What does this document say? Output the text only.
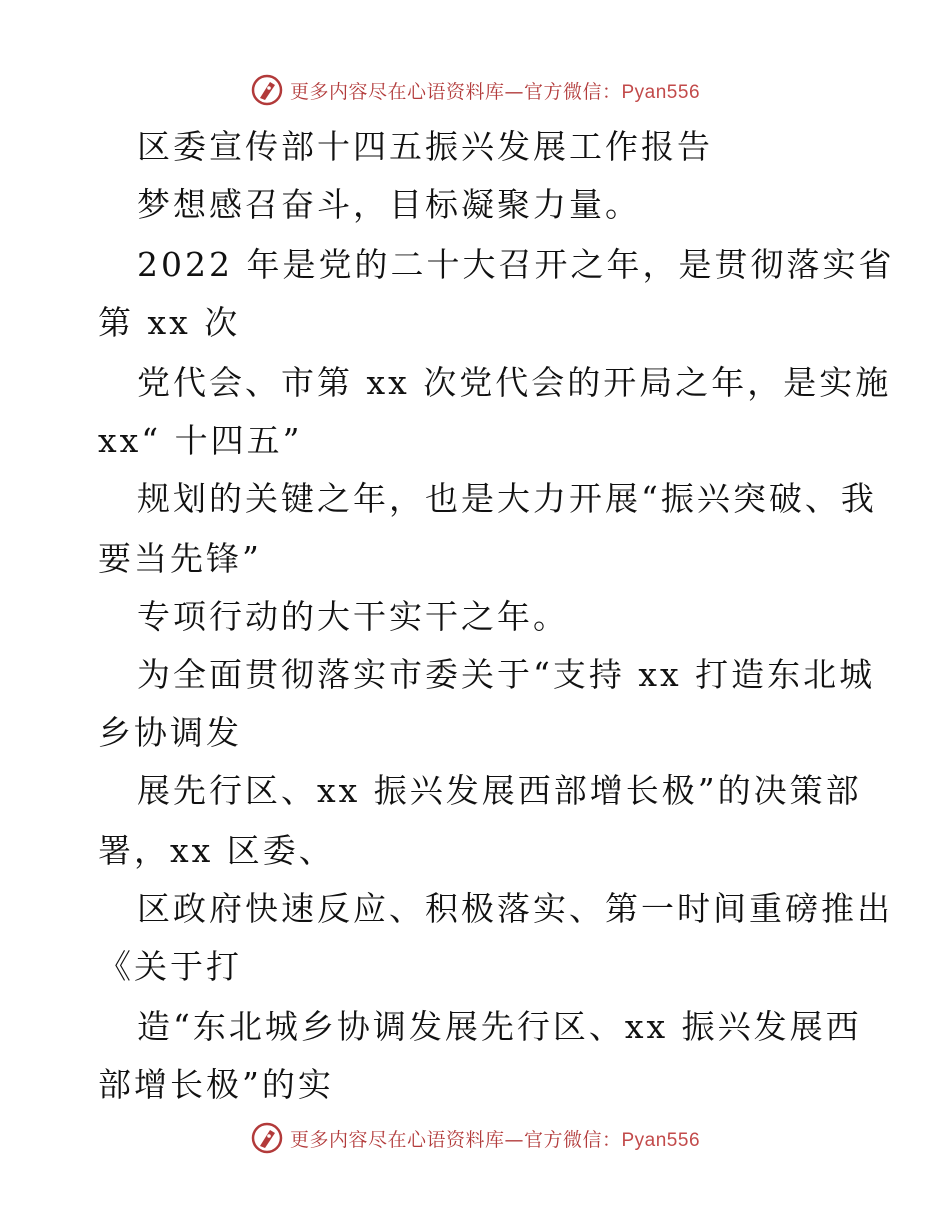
更多内容尽在心语资料库—官方微信：Pyan556
区委宣传部十四五振兴发展工作报告
梦想感召奋斗，目标凝聚力量。
2022 年是党的二十大召开之年，是贯彻落实省
第 xx 次
党代会、市第 xx 次党代会的开局之年，是实施
xx“ 十四五”
规划的关键之年，也是大力开展“振兴突破、我
要当先锋”
专项行动的大干实干之年。
为全面贯彻落实市委关于“支持 xx 打造东北城
乡协调发
展先行区、xx 振兴发展西部增长极”的决策部
署，xx 区委、
区政府快速反应、积极落实、第一时间重磅推出
《关于打
造“东北城乡协调发展先行区、xx 振兴发展西
部增长极”的实
更多内容尽在心语资料库—官方微信：Pyan556
